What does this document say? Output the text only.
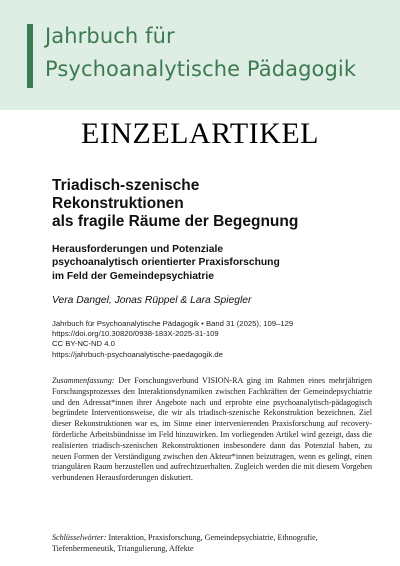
Jahrbuch für
Psychoanalytische Pädagogik
EINZELARTIKEL
Triadisch-szenische
Rekonstruktionen
als fragile Räume der Begegnung
Herausforderungen und Potenziale
psychoanalytisch orientierter Praxisforschung
im Feld der Gemeindepsychiatrie
Vera Dangel, Jonas Rüppel & Lara Spiegler
Jahrbuch für Psychoanalytische Pädagogik • Band 31 (2025), 109–129
https://doi.org/10.30820/0938-183X-2025-31-109
CC BY-NC-ND 4.0
https://jahrbuch-psychoanalytische-paedagogik.de
Zusammenfassung: Der Forschungsverbund VISION-RA ging im Rahmen eines mehrjährigen Forschungsprozesses den Interaktionsdynamiken zwischen Fachkräften der Gemeindepsychiatrie und den Adressat*innen ihrer Angebote nach und erprobte eine psychoanalytisch-pädagogisch begründete Interventionsweise, die wir als triadisch-szenische Rekonstruktion bezeichnen. Ziel dieser Rekonstruktionen war es, im Sinne einer intervenierenden Praxisforschung auf recovery-förderliche Arbeitsbündnisse im Feld hinzuwirken. Im vorliegenden Artikel wird gezeigt, dass die realisierten triadisch-szenischen Rekonstruktionen insbesondere dann das Potenzial haben, zu neuen Formen der Verständigung zwischen den Akteur*innen beizutragen, wenn es gelingt, einen triangulären Raum herzustellen und aufrechtzuerhalten. Zugleich werden die mit diesem Vorgehen verbundenen Herausforderungen diskutiert.
Schlüsselwörter: Interaktion, Praxisforschung, Gemeindepsychiatrie, Ethnografie, Tiefenhermeneutik, Triangulierung, Affekte
